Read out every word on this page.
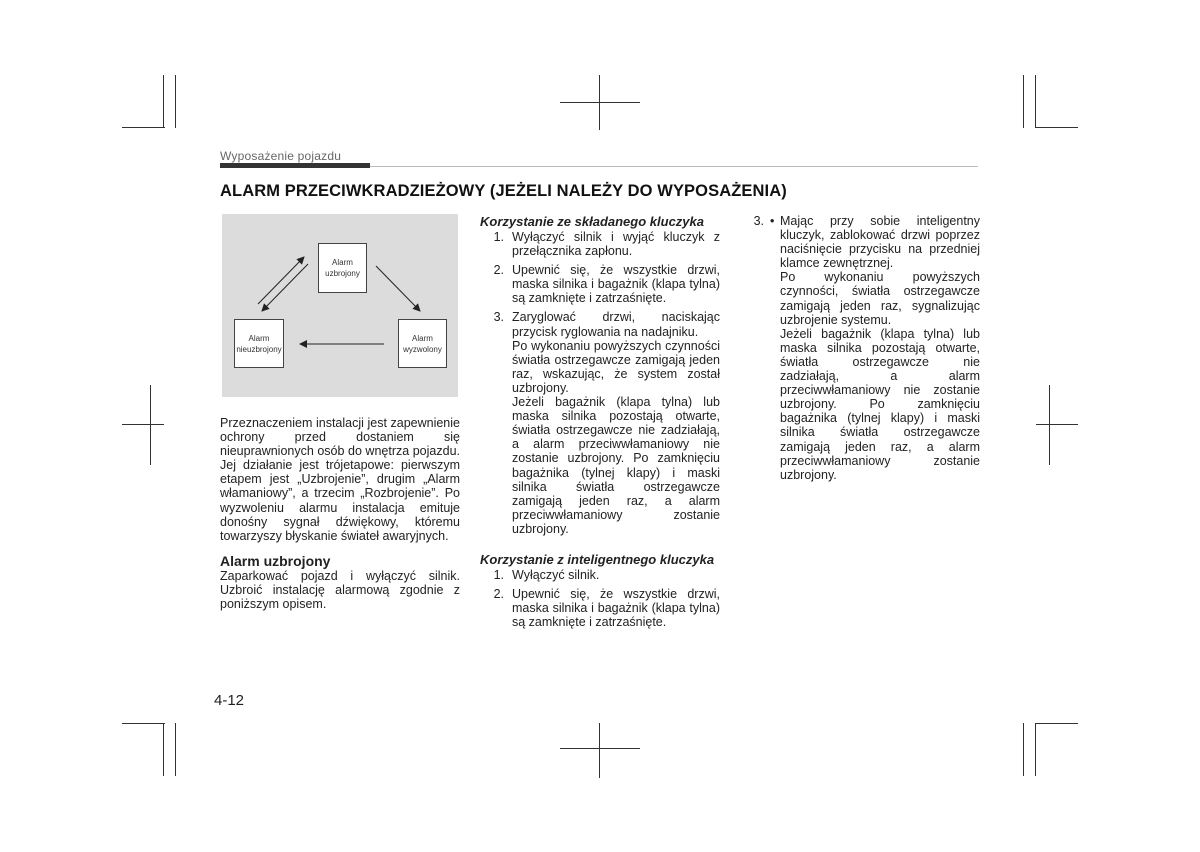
Wyposażenie pojazdu
ALARM PRZECIWKRADZIEŻOWY (JEŻELI NALEŻY DO WYPOSAŻENIA)
Alarm uzbrojony
Alarm nieuzbrojony
Alarm wyzwolony

Przeznaczeniem instalacji jest zapewnienie ochrony przed dostaniem się nieuprawnionych osób do wnętrza pojazdu. Jej działanie jest trójetapowe: pierwszym etapem jest „Uzbrojenie”, drugim „Alarm włamaniowy”, a trzecim „Rozbrojenie”. Po wyzwoleniu alarmu instalacja emituje donośny sygnał dźwiękowy, któremu towarzyszy błyskanie świateł awaryjnych.

Alarm uzbrojony

Zaparkować pojazd i wyłączyć silnik. Uzbroić instalację alarmową zgodnie z poniższym opisem.

Korzystanie ze składanego kluczyka
1. Wyłączyć silnik i wyjąć kluczyk z przełącznika zapłonu.
2. Upewnić się, że wszystkie drzwi, maska silnika i bagażnik (klapa tylna) są zamknięte i zatrzaśnięte.
3. Zaryglować drzwi, naciskając przycisk ryglowania na nadajniku.
Po wykonaniu powyższych czynności światła ostrzegawcze zamigają jeden raz, wskazując, że system został uzbrojony.
Jeżeli bagażnik (klapa tylna) lub maska silnika pozostają otwarte, światła ostrzegawcze nie zadziałają, a alarm przeciwwłamaniowy nie zostanie uzbrojony. Po zamknięciu bagażnika (tylnej klapy) i maski silnika światła ostrzegawcze zamigają jeden raz, a alarm przeciwwłamaniowy zostanie uzbrojony.
Korzystanie z inteligentnego kluczyka
1. Wyłączyć silnik.
2. Upewnić się, że wszystkie drzwi, maska silnika i bagażnik (klapa tylna) są zamknięte i zatrzaśnięte.
3. • Mając przy sobie inteligentny kluczyk, zablokować drzwi poprzez naciśnięcie przycisku na przedniej klamce zewnętrznej.
Po wykonaniu powyższych czynności, światła ostrzegawcze zamigają jeden raz, sygnalizując uzbrojenie systemu.
Jeżeli bagażnik (klapa tylna) lub maska silnika pozostają otwarte, światła ostrzegawcze nie zadziałają, a alarm przeciwwłamaniowy nie zostanie uzbrojony. Po zamknięciu bagażnika (tylnej klapy) i maski silnika światła ostrzegawcze zamigają jeden raz, a alarm przeciwwłamaniowy zostanie uzbrojony.
4-12
